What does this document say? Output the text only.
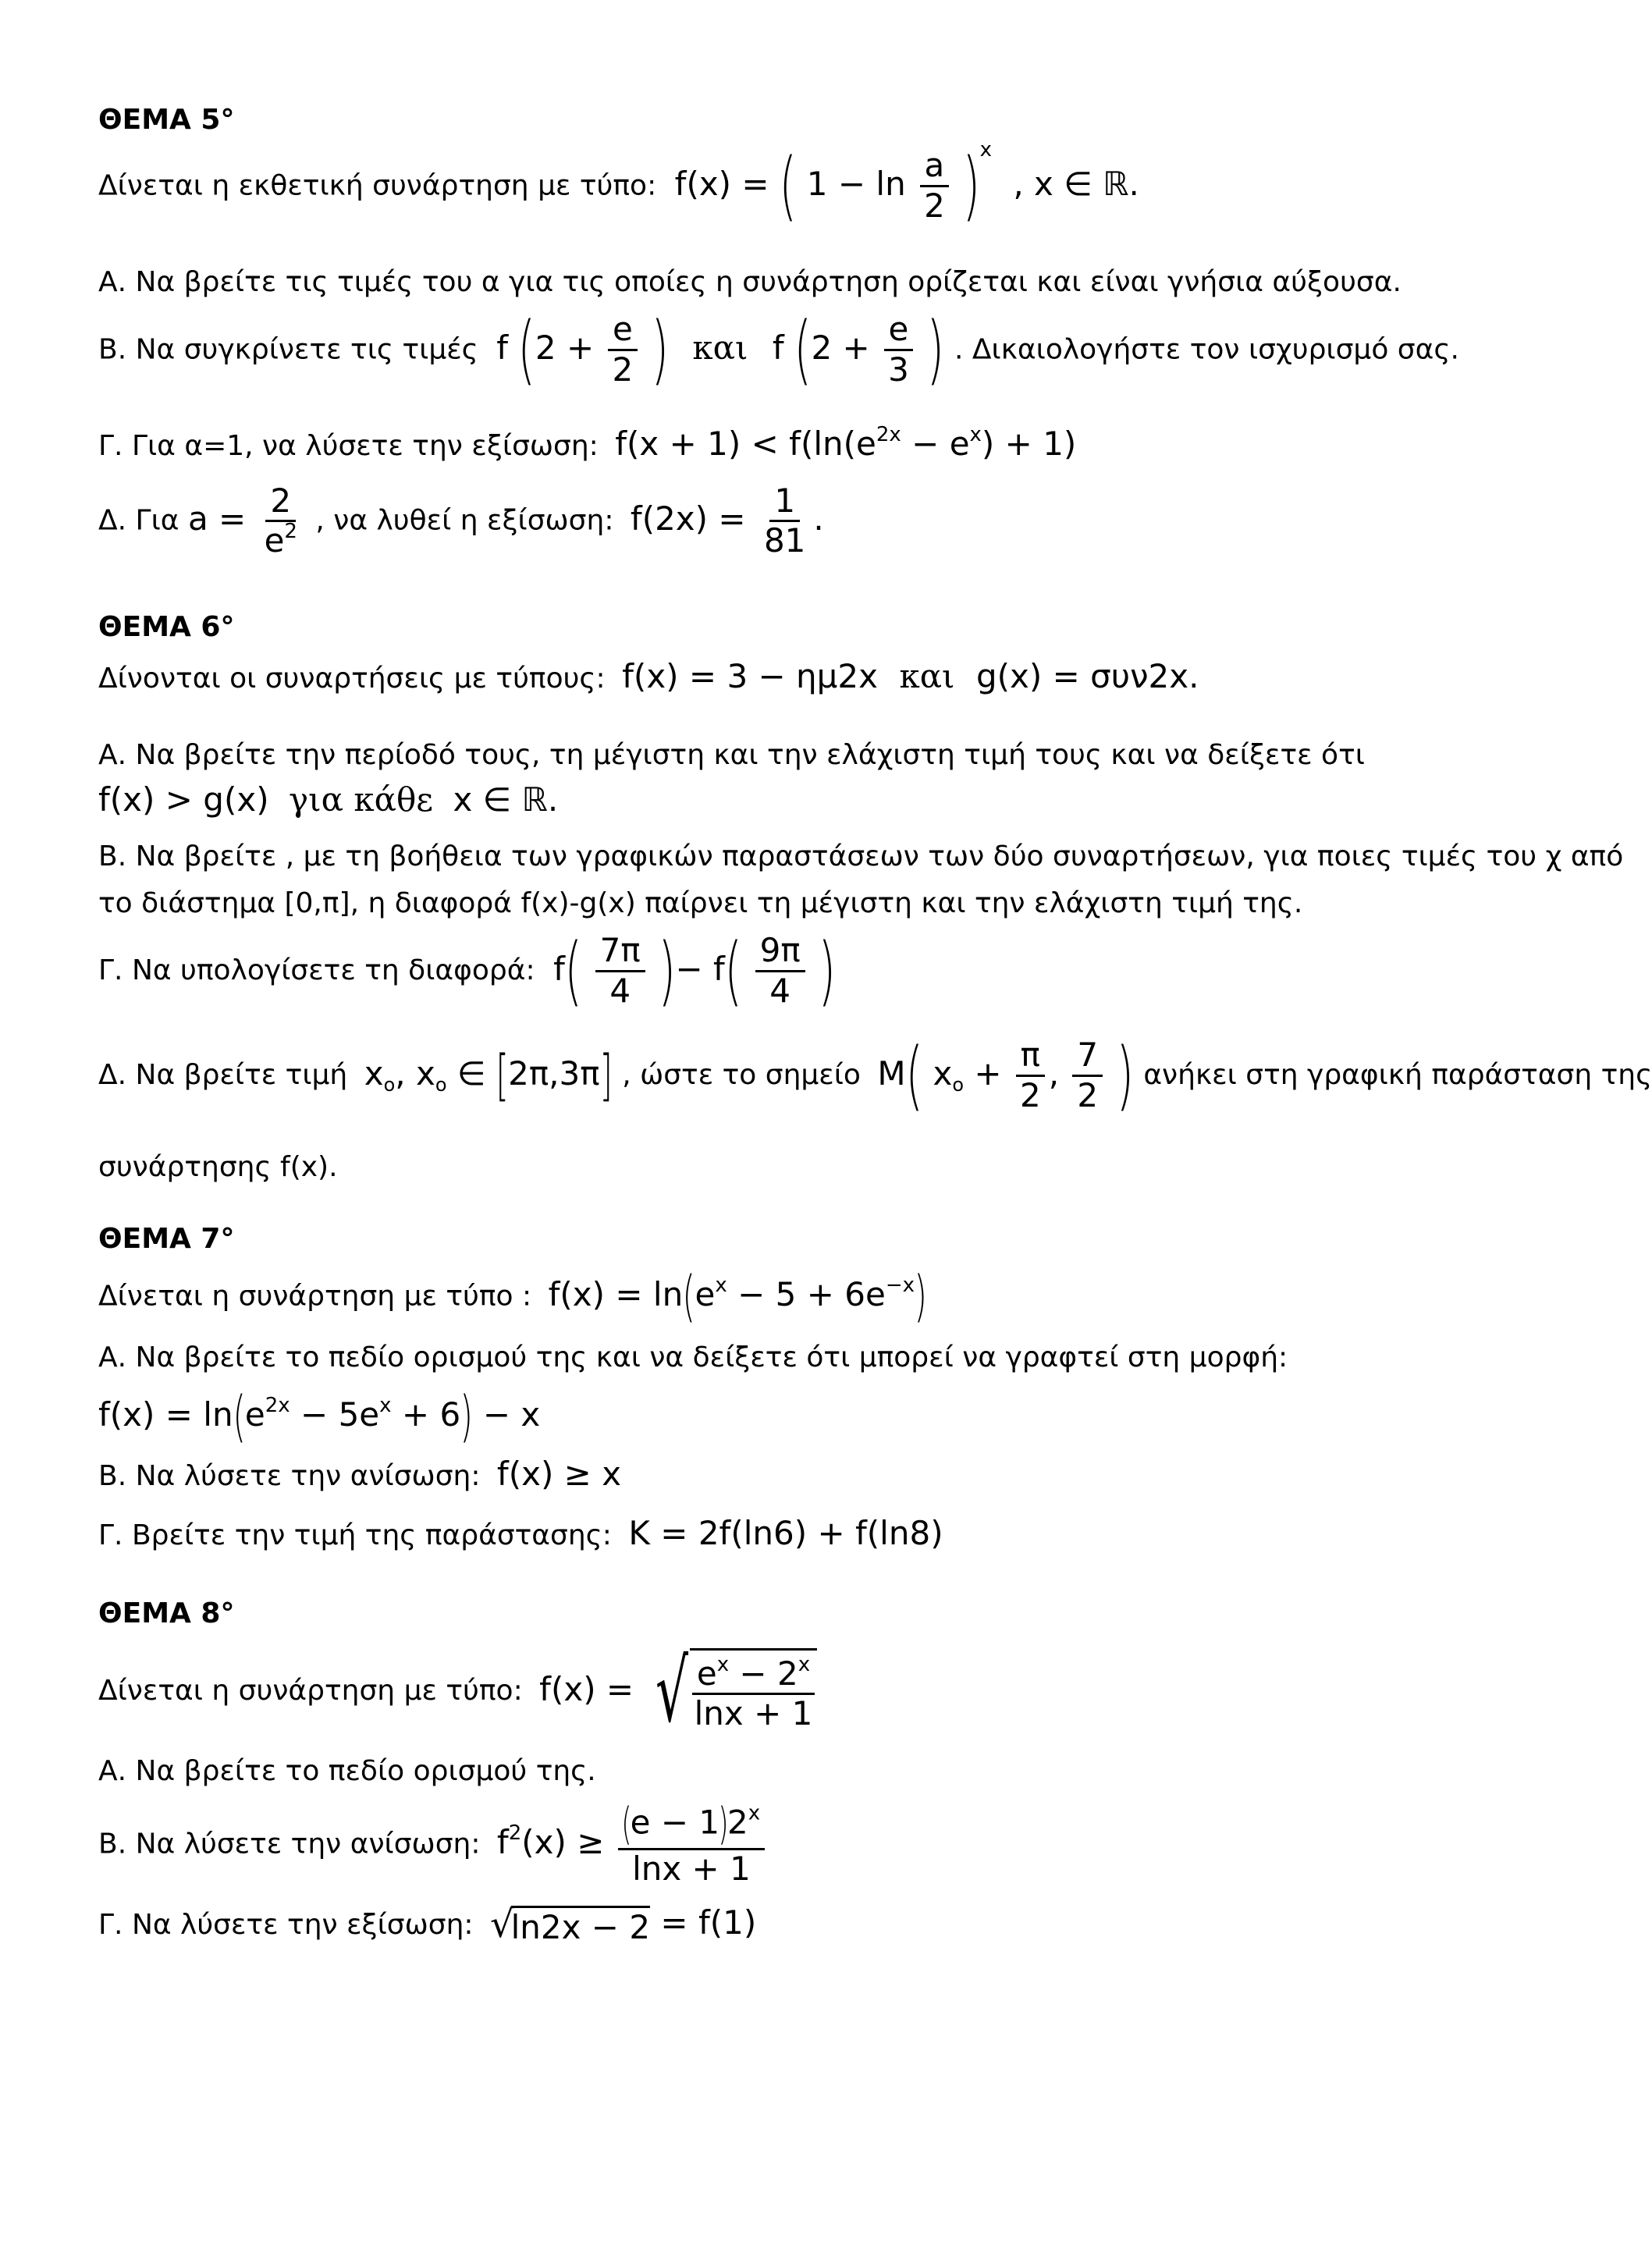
ΘΕΜΑ 5°
Δίνεται η εκθετική συνάρτηση με τύπο: f(x) = ( $1 - \ln \frac{a}{2} )^x$ , x ∈ ℝ.
Α. Να βρείτε τις τιμές του α για τις οποίες η συνάρτηση ορίζεται και είναι γνήσια αύξουσα.
Β. Να συγκρίνετε τις τιμές f ($2 + \frac{e}{2}$ ) και f ($2 + \frac{e}{3}$ ) . Δικαιολογήστε τον ισχυρισμό σας.
Γ. Για α=1, να λύσετε την εξίσωση: $f(x + 1) < f(\ln(e^{2x} - e^x) + 1)$
Δ. Για $a = \frac{2}{e^2}$ , να λυθεί η εξίσωση: $f(2x) = \frac{1}{81}$ .
ΘΕΜΑ 6°
Δίνονται οι συναρτήσεις με τύπους: f(x) = 3 − ημ2x και g(x) = συν2x.
Α. Να βρείτε την περίοδό τους, τη μέγιστη και την ελάχιστη τιμή τους και να δείξετε ότι
f(x) > g(x) για κάθε x ∈ ℝ.
Β. Να βρείτε , με τη βοήθεια των γραφικών παραστάσεων των δύο συναρτήσεων, για ποιες τιμές του χ από
το διάστημα [0,π], η διαφορά f(x)-g(x) παίρνει τη μέγιστη και την ελάχιστη τιμή της.
Γ. Να υπολογίσετε τη διαφορά: $f( \frac{7\pi}{4}$ )− $f( \frac{9\pi}{4}$ )
Δ. Να βρείτε τιμή $x_o$, $x_o$ ∈ [2π,3π] , ώστε το σημείο M( $x_o + \frac{\pi}{2}$ , $\frac{7}{2}$ ) ανήκει στη γραφική παράσταση της
συνάρτησης f(x).
ΘΕΜΑ 7°
Δίνεται η συνάρτηση με τύπο : $f(x) = \ln(e^x - 5 + 6e^{-x})$
Α. Να βρείτε το πεδίο ορισμού της και να δείξετε ότι μπορεί να γραφτεί στη μορφή:
$f(x) = \ln(e^{2x} - 5e^x + 6) - x$
Β. Να λύσετε την ανίσωση: f(x) ≥ x
Γ. Βρείτε την τιμή της παράστασης: K = 2f(ln6) + f(ln8)
ΘΕΜΑ 8°
Δίνεται η συνάρτηση με τύπο: f(x) = √ $\frac{e^x - 2^x}{\ln x + 1}$
Α. Να βρείτε το πεδίο ορισμού της.
Β. Να λύσετε την ανίσωση: $f^2(x) \ge \frac{(e - 1)2^x}{\ln x + 1}$
Γ. Να λύσετε την εξίσωση: √
ln2x − 2 = f(1)
